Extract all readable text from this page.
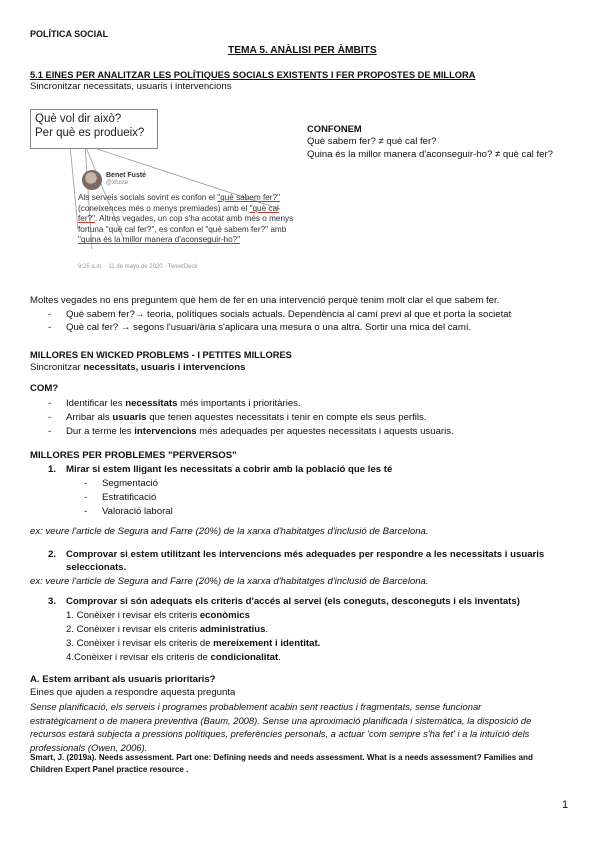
POLÍTICA SOCIAL
TEMA 5. ANÀLISI PER ÀMBITS
5.1 EINES PER ANALITZAR LES POLÍTIQUES SOCIALS EXISTENTS I FER PROPOSTES DE MILLORA
Sincronitzar necessitats, usuaris i intervencions
Què vol dir això?
Per què es produeix?
Benet Fusté
@xfuste
Als serveis socials sovint es confon el "què sabem fer?" (coneixences més o menys premiades) amb el "què cal fer?". Altres vegades, un cop s'ha acotat amb més o menys fortuna "què cal fer?", es confon el "què sabem fer?" amb "quina és la millor manera d'aconseguir-ho?"
9:25 a.m. · 11 de mayo de 2020 · TweetDeck
CONFONEM
Què sabem fer? ≠ què cal fer?
Quina és la millor manera d'aconseguir-ho? ≠ què cal fer?
Moltes vegades no ens preguntem què hem de fer en una intervenció perquè tenim molt clar el que sabem fer.
- Què sabem fer?→ teoria, polítiques socials actuals. Dependència al camí previ al que et porta la societat
- Què cal fer? → segons l'usuari/ària s'aplicara una mesura o una altra. Sortir una mica del camí.
MILLORES EN WICKED PROBLEMS - I PETITES MILLORES
Sincronitzar necessitats, usuaris i intervencions
COM?
- Identificar les necessitats més importants i prioritàries.
- Arribar als usuaris que tenen aquestes necessitats i tenir en compte els seus perfils.
- Dur a terme les intervencions més adequades per aquestes necessitats i aquests usuaris.
MILLORES PER PROBLEMES "PERVERSOS"
1. Mirar si estem lligant les necessitats a cobrir amb la població que les té
- Segmentació
- Estratificació
- Valoració laboral
ex: veure l'article de Segura and Farre (20%) de la xarxa d'habitatges d'inclusió de Barcelona.
2. Comprovar si estem utilitzant les intervencions més adequades per respondre a les necessitats i usuaris
seleccionats.
ex: veure l'article de Segura and Farre (20%) de la xarxa d'habitatges d'inclusió de Barcelona.
3. Comprovar si són adequats els criteris d'accés al servei (els coneguts, desconeguts i els inventats)
1. Conèixer i revisar els criteris econòmics
2. Conèixer i revisar els criteris administratius.
3. Conèixer i revisar els criteris de mereixement i identitat.
4.Conèixer i revisar els criteris de condicionalitat.
A. Estem arribant als usuaris prioritaris?
Eines que ajuden a respondre aquesta pregunta
Sense planificació, els serveis i programes probablement acabin sent reactius i fragmentats, sense funcionar
estratègicament o de manera preventiva (Baum, 2008). Sense una aproximació planificada i sistemàtica, la disposició de
recursos estarà subjecta a pressions polítiques, preferències personals, a actuar 'com sempre s'ha fet' i a la intuïció dels
professionals (Owen, 2006).
Smart, J. (2019a). Needs assessment. Part one: Defining needs and needs assessment. What is a needs assessment? Families and
Children Expert Panel practice resource .
1
